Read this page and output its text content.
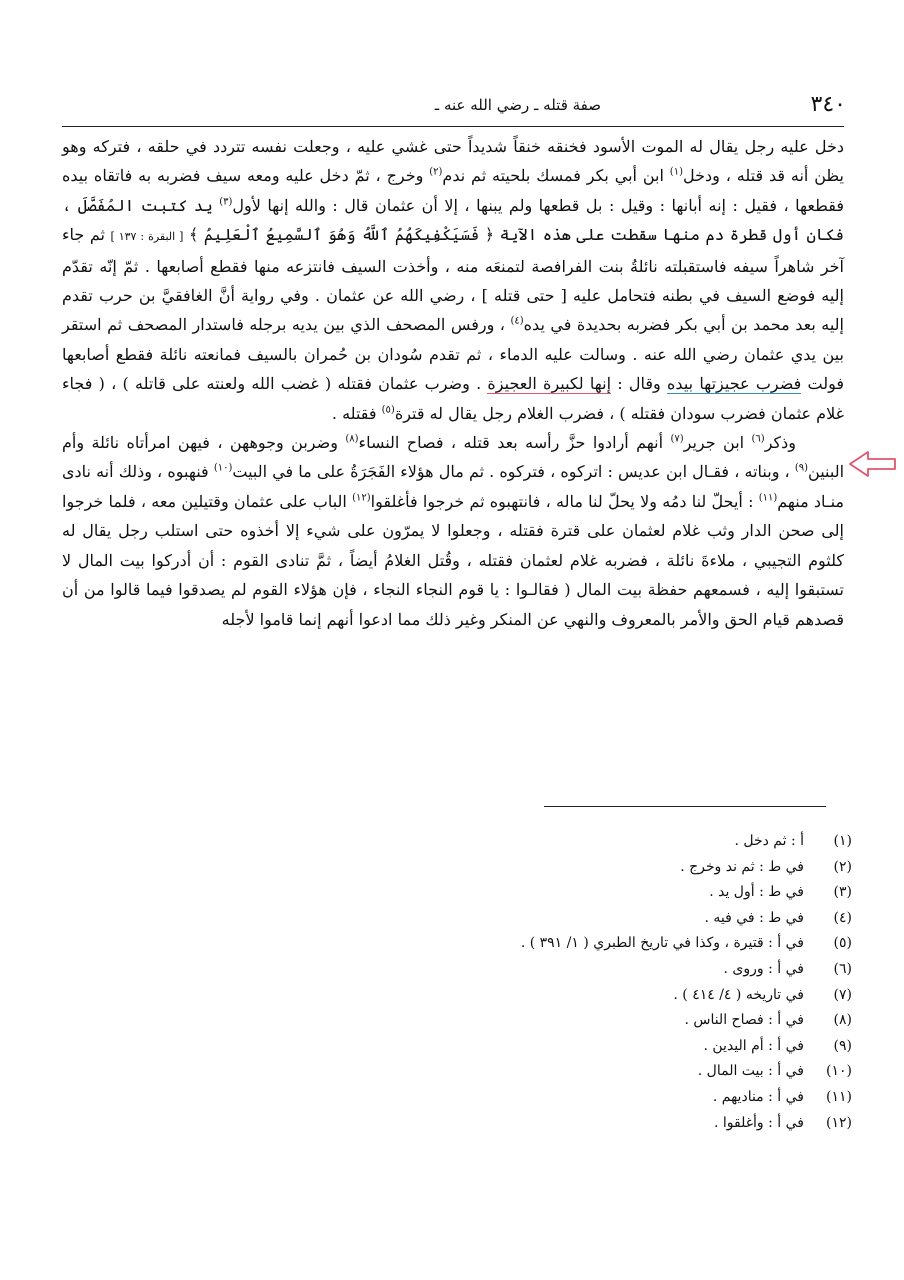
٣٤٠
صفة قتله ـ رضي الله عنه ـ

دخل عليه رجل يقال له الموت الأسود فخنقه خنقاً شديداً حتى غشي عليه ، وجعلت نفسه تتردد في حلقه ، فتركه وهو يظن أنه قد قتله ، ودخل$^{(١)}$ ابن أبي بكر فمسك بلحيته ثم ندم$^{(٢)}$ وخرج ، ثمّ دخل عليه ومعه سيف فضربه به فاتقاه بيده فقطعها ، فقيل : إنه أبانها : وقيل : بل قطعها ولم يبنها ، إلا أن عثمان قال : والله إنها لأول$^{(٣)}$ يد كتبت المُفَصَّلَ ، فكان أول قطرة دم منها سقطت على هذه الآية ﴿ فَسَيَكْفِيكَهُمُ ٱللَّهُ وَهُوَ ٱلسَّمِيعُ ٱلْعَلِيمُ ﴾ [ البقرة : ١٣٧ ] ثم جاء آخر شاهراً سيفه فاستقبلته نائلةُ بنت الفرافصة لتمنعَه منه ، وأخذت السيف فانتزعه منها فقطع أصابعها . ثمّ إنّه تقدّم إليه فوضع السيف في بطنه فتحامل عليه [ حتى قتله ] ، رضي الله عن عثمان . وفي رواية أنَّ الغافقيَّ بن حرب تقدم إليه بعد محمد بن أبي بكر فضربه بحديدة في يده$^{(٤)}$ ، ورفس المصحف الذي بين يديه برجله فاستدار المصحف ثم استقر بين يدي عثمان رضي الله عنه . وسالت عليه الدماء ، ثم تقدم سُودان بن حُمران بالسيف فمانعته نائلة فقطع أصابعها فولت فضرب عجيزتها بيده وقال : إنها لكبيرة العجيزة . وضرب عثمان فقتله ( غضب الله ولعنته على قاتله ) ، ( فجاء غلام عثمان فضرب سودان فقتله ) ، فضرب الغلام رجل يقال له قترة$^{(٥)}$ فقتله .

وذكر$^{(٦)}$ ابن جرير$^{(٧)}$ أنهم أرادوا حزَّ رأسه بعد قتله ، فصاح النساء$^{(٨)}$ وضربن وجوههن ، فيهن امرأتاه نائلة وأم البنين$^{(٩)}$ ، وبناته ، فقـال ابن عديس : اتركوه ، فتركوه . ثم مال هؤلاء الفَجَرَةُ على ما في البيت$^{(١٠)}$ فنهبوه ، وذلك أنه نادى منـاد منهم$^{(١١)}$ : أيحلّ لنا دمُه ولا يحلّ لنا ماله ، فانتهبوه ثم خرجوا فأغلقوا$^{(١٢)}$ الباب على عثمان وقتيلين معه ، فلما خرجوا إلى صحن الدار وثب غلام لعثمان على قترة فقتله ، وجعلوا لا يمرّون على شيء إلا أخذوه حتى استلب رجل يقال له كلثوم التجيبي ، ملاءةَ نائلة ، فضربه غلام لعثمان فقتله ، وقُتل الغلامُ أيضاً ، ثمَّ تنادى القوم : أن أدركوا بيت المال لا تستبقوا إليه ، فسمعهم حفظة بيت المال ( فقالـوا : يا قوم النجاء النجاء ، فإن هؤلاء القوم لم يصدقوا فيما قالوا من أن قصدهم قيام الحق والأمر بالمعروف والنهي عن المنكر وغير ذلك مما ادعوا أنهم إنما قاموا لأجله

(١)أ : ثم دخل .
(٢)في ط : ثم ند وخرج .
(٣)في ط : أول يد .
(٤)في ط : في فيه .
(٥)في أ : قتيرة ، وكذا في تاريخ الطبري ( ١/ ٣٩١ ) .
(٦)في أ : وروى .
(٧)في تاريخه ( ٤/ ٤١٤ ) .
(٨)في أ : فصاح الناس .
(٩)في أ : أم اليدين .
(١٠)في أ : بيت المال .
(١١)في أ : مناديهم .
(١٢)في أ : وأغلقوا .
